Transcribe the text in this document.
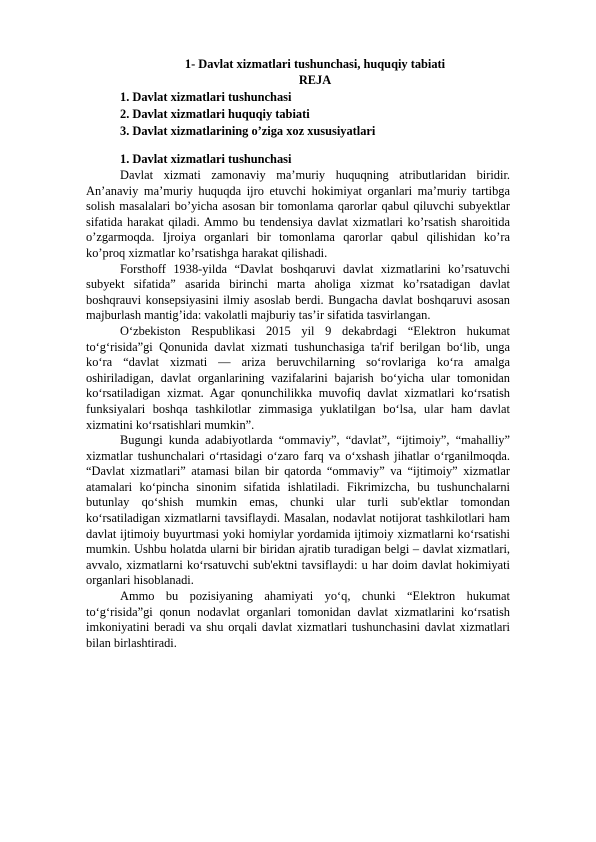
1- Davlat xizmatlari tushunchasi, huquqiy tabiati
REJA
1. Davlat xizmatlari tushunchasi
2. Davlat xizmatlari huquqiy tabiati
3. Davlat xizmatlarining o’ziga xoz xususiyatlari
1. Davlat xizmatlari tushunchasi

Davlat xizmati zamonaviy ma’muriy huquqning atributlaridan biridir. An’anaviy ma’muriy huquqda ijro etuvchi hokimiyat organlari ma’muriy tartibga solish masalalari bo’yicha asosan bir tomonlama qarorlar qabul qiluvchi subyektlar sifatida harakat qiladi. Ammo bu tendensiya davlat xizmatlari ko’rsatish sharoitida o’zgarmoqda. Ijroiya organlari bir tomonlama qarorlar qabul qilishidan ko’ra ko’proq xizmatlar ko’rsatishga harakat qilishadi.

Forsthoff 1938-yilda “Davlat boshqaruvi davlat xizmatlarini ko’rsatuvchi subyekt sifatida” asarida birinchi marta aholiga xizmat ko’rsatadigan davlat boshqrauvi konsepsiyasini ilmiy asoslab berdi. Bungacha davlat boshqaruvi asosan majburlash mantig’ida: vakolatli majburiy tas’ir sifatida tasvirlangan.

O‘zbekiston Respublikasi 2015 yil 9 dekabrdagi “Elektron hukumat to‘g‘risida”gi Qonunida davlat xizmati tushunchasiga ta'rif berilgan bo‘lib, unga ko‘ra “davlat xizmati — ariza beruvchilarning so‘rovlariga ko‘ra amalga oshiriladigan, davlat organlarining vazifalarini bajarish bo‘yicha ular tomonidan ko‘rsatiladigan xizmat. Agar qonunchilikka muvofiq davlat xizmatlari ko‘rsatish funksiyalari boshqa tashkilotlar zimmasiga yuklatilgan bo‘lsa, ular ham davlat xizmatini ko‘rsatishlari mumkin”.

Bugungi kunda adabiyotlarda “ommaviy”, “davlat”, “ijtimoiy”, “mahalliy” xizmatlar tushunchalari o‘rtasidagi o‘zaro farq va o‘xshash jihatlar o‘rganilmoqda. “Davlat xizmatlari” atamasi bilan bir qatorda “ommaviy” va “ijtimoiy” xizmatlar atamalari ko‘pincha sinonim sifatida ishlatiladi. Fikrimizcha, bu tushunchalarni butunlay qo‘shish mumkin emas, chunki ular turli sub'ektlar tomondan ko‘rsatiladigan xizmatlarni tavsiflaydi. Masalan, nodavlat notijorat tashkilotlari ham davlat ijtimoiy buyurtmasi yoki homiylar yordamida ijtimoiy xizmatlarni ko‘rsatishi mumkin. Ushbu holatda ularni bir biridan ajratib turadigan belgi – davlat xizmatlari, avvalo, xizmatlarni ko‘rsatuvchi sub'ektni tavsiflaydi: u har doim davlat hokimiyati organlari hisoblanadi.

Ammo bu pozisiyaning ahamiyati yo‘q, chunki “Elektron hukumat to‘g‘risida”gi qonun nodavlat organlari tomonidan davlat xizmatlarini ko‘rsatish imkoniyatini beradi va shu orqali davlat xizmatlari tushunchasini davlat xizmatlari bilan birlashtiradi.
